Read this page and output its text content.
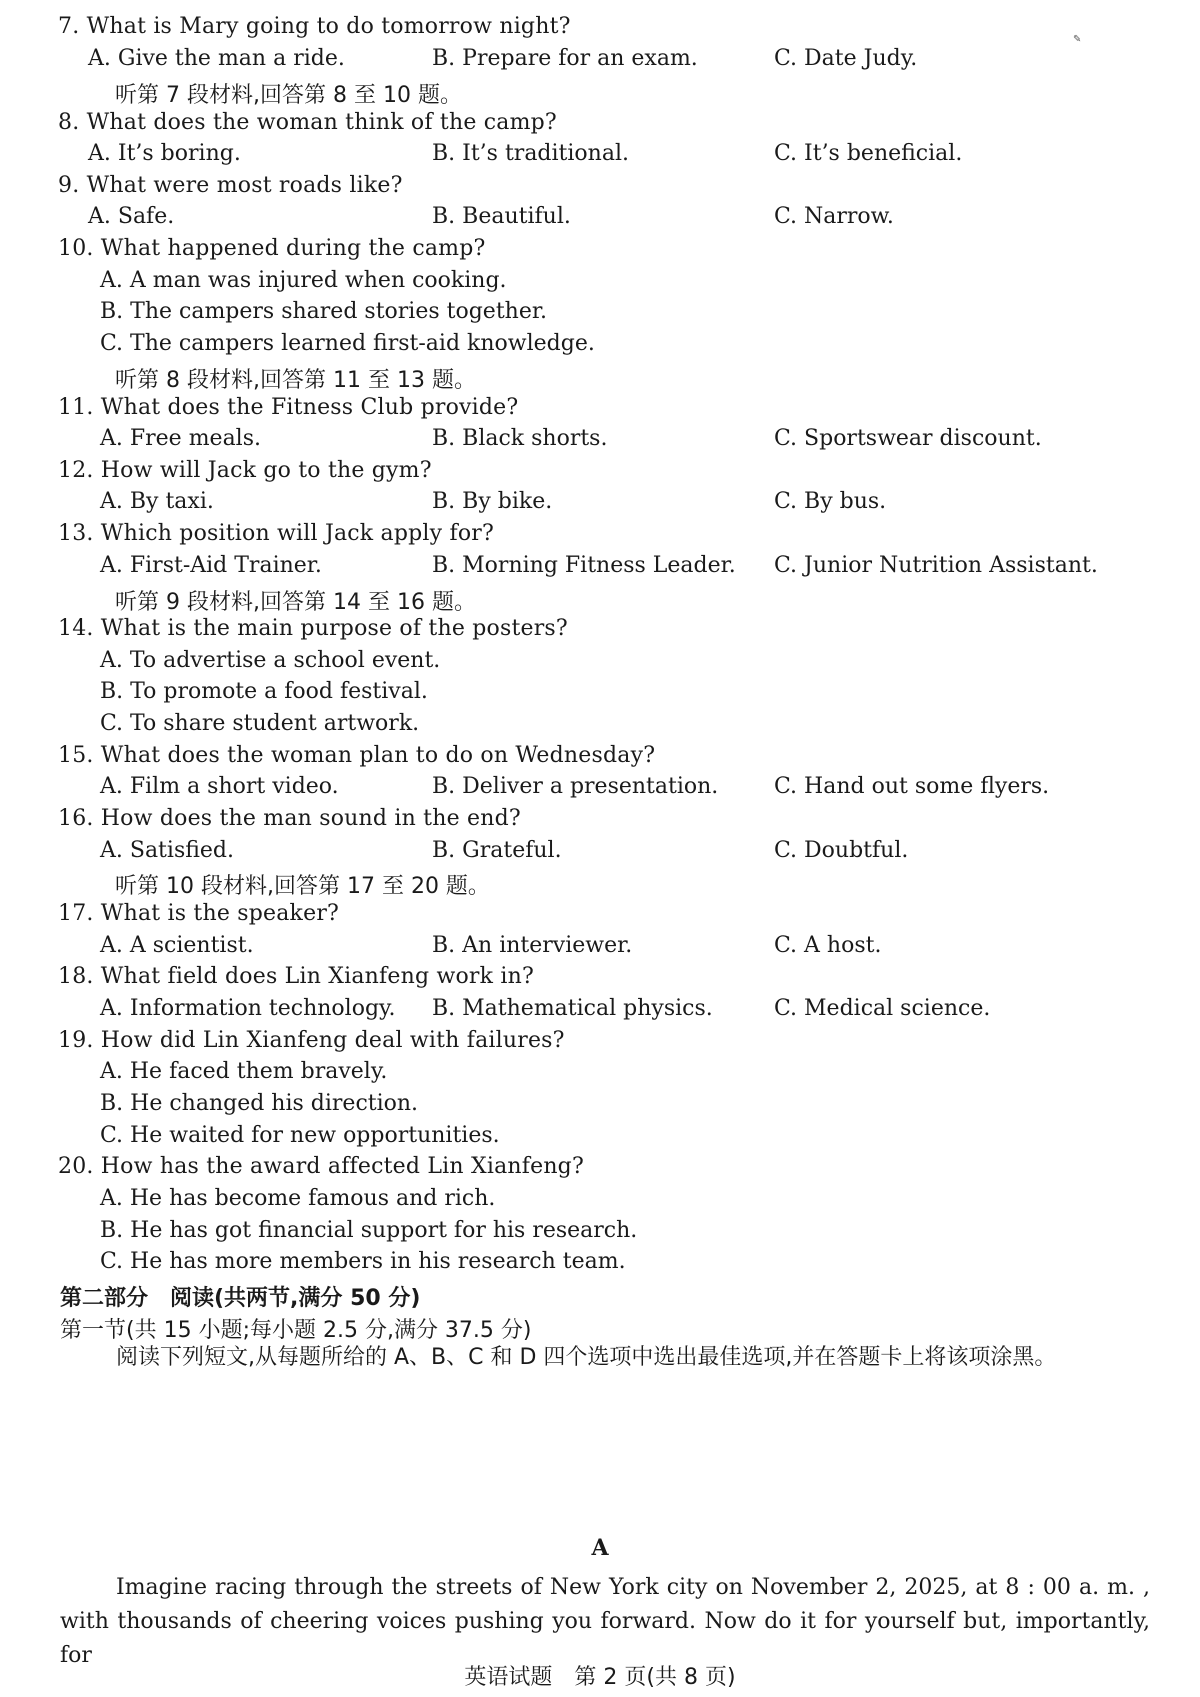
✎
7. What is Mary going to do tomorrow night?
A. Give the man a ride.	B. Prepare for an exam.	C. Date Judy.
听第 7 段材料,回答第 8 至 10 题。
8. What does the woman think of the camp?
A. It’s boring.	B. It’s traditional.	C. It’s beneficial.
9. What were most roads like?
A. Safe.	B. Beautiful.	C. Narrow.
10. What happened during the camp?
A. A man was injured when cooking.
B. The campers shared stories together.
C. The campers learned first-aid knowledge.
听第 8 段材料,回答第 11 至 13 题。
11. What does the Fitness Club provide?
A. Free meals.	B. Black shorts.	C. Sportswear discount.
12. How will Jack go to the gym?
A. By taxi.	B. By bike.	C. By bus.
13. Which position will Jack apply for?
A. First-Aid Trainer.	B. Morning Fitness Leader. C. Junior Nutrition Assistant.
听第 9 段材料,回答第 14 至 16 题。
14. What is the main purpose of the posters?
A. To advertise a school event.
B. To promote a food festival.
C. To share student artwork.
15. What does the woman plan to do on Wednesday?
A. Film a short video.	B. Deliver a presentation.	C. Hand out some flyers.
16. How does the man sound in the end?
A. Satisfied.	B. Grateful.	C. Doubtful.
听第 10 段材料,回答第 17 至 20 题。
17. What is the speaker?
A. A scientist.	B. An interviewer.	C. A host.
18. What field does Lin Xianfeng work in?
A. Information technology. B. Mathematical physics.	C. Medical science.
19. How did Lin Xianfeng deal with failures?
A. He faced them bravely.
B. He changed his direction.
C. He waited for new opportunities.
20. How has the award affected Lin Xianfeng?
A. He has become famous and rich.
B. He has got financial support for his research.
C. He has more members in his research team.
第二部分　阅读(共两节,满分 50 分)
第一节(共 15 小题;每小题 2.5 分,满分 37.5 分)
阅读下列短文,从每题所给的 A、B、C 和 D 四个选项中选出最佳选项,并在答题卡上将该项涂黑。
A
Imagine racing through the streets of New York city on November 2, 2025, at 8 : 00 a. m. , with thousands of cheering voices pushing you forward. Now do it for yourself but, importantly, for
英语试题　第 2 页(共 8 页)
